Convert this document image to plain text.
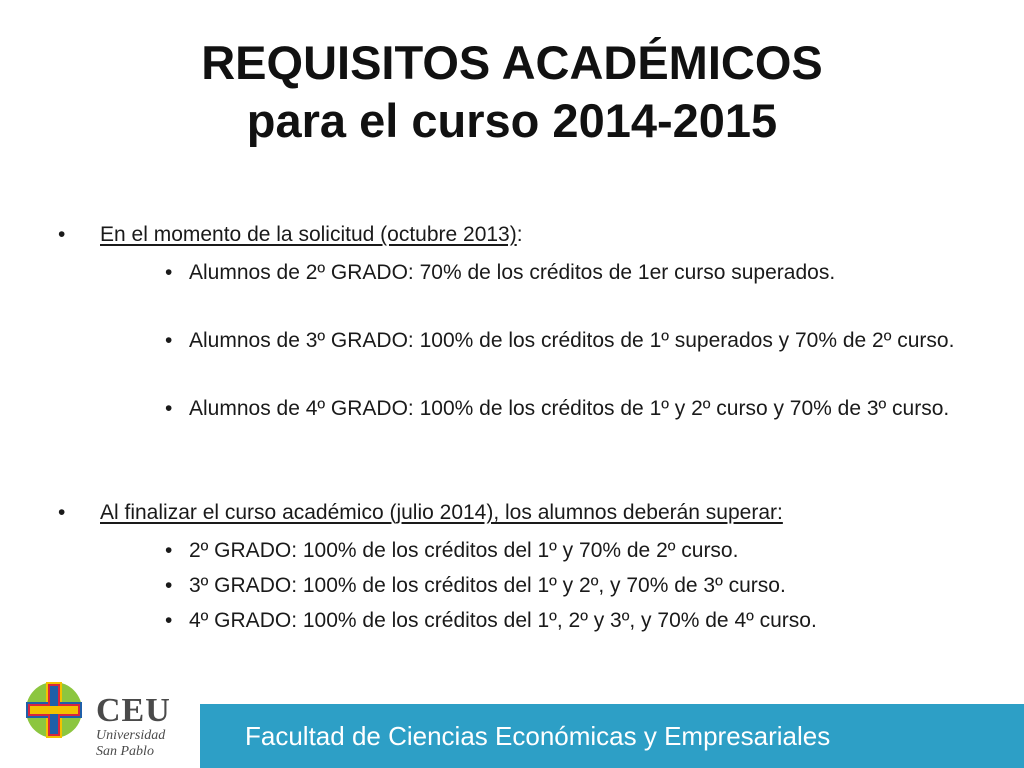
REQUISITOS ACADÉMICOS
para el curso 2014-2015
• En el momento de la solicitud (octubre 2013):
• Alumnos de 2º GRADO: 70% de los créditos de 1er curso superados.
• Alumnos de 3º GRADO: 100% de los créditos de 1º superados y 70% de 2º curso.
• Alumnos de 4º GRADO: 100% de los créditos de 1º y 2º curso y 70% de 3º curso.
• Al finalizar el curso académico (julio 2014), los alumnos deberán superar:
• 2º GRADO: 100% de los créditos del 1º y 70% de 2º curso.
• 3º GRADO: 100% de los créditos del 1º y 2º, y 70% de 3º curso.
• 4º GRADO: 100% de los créditos del 1º, 2º y 3º, y 70% de 4º curso.
CEU
Universidad
San Pablo
Facultad de Ciencias Económicas y Empresariales
